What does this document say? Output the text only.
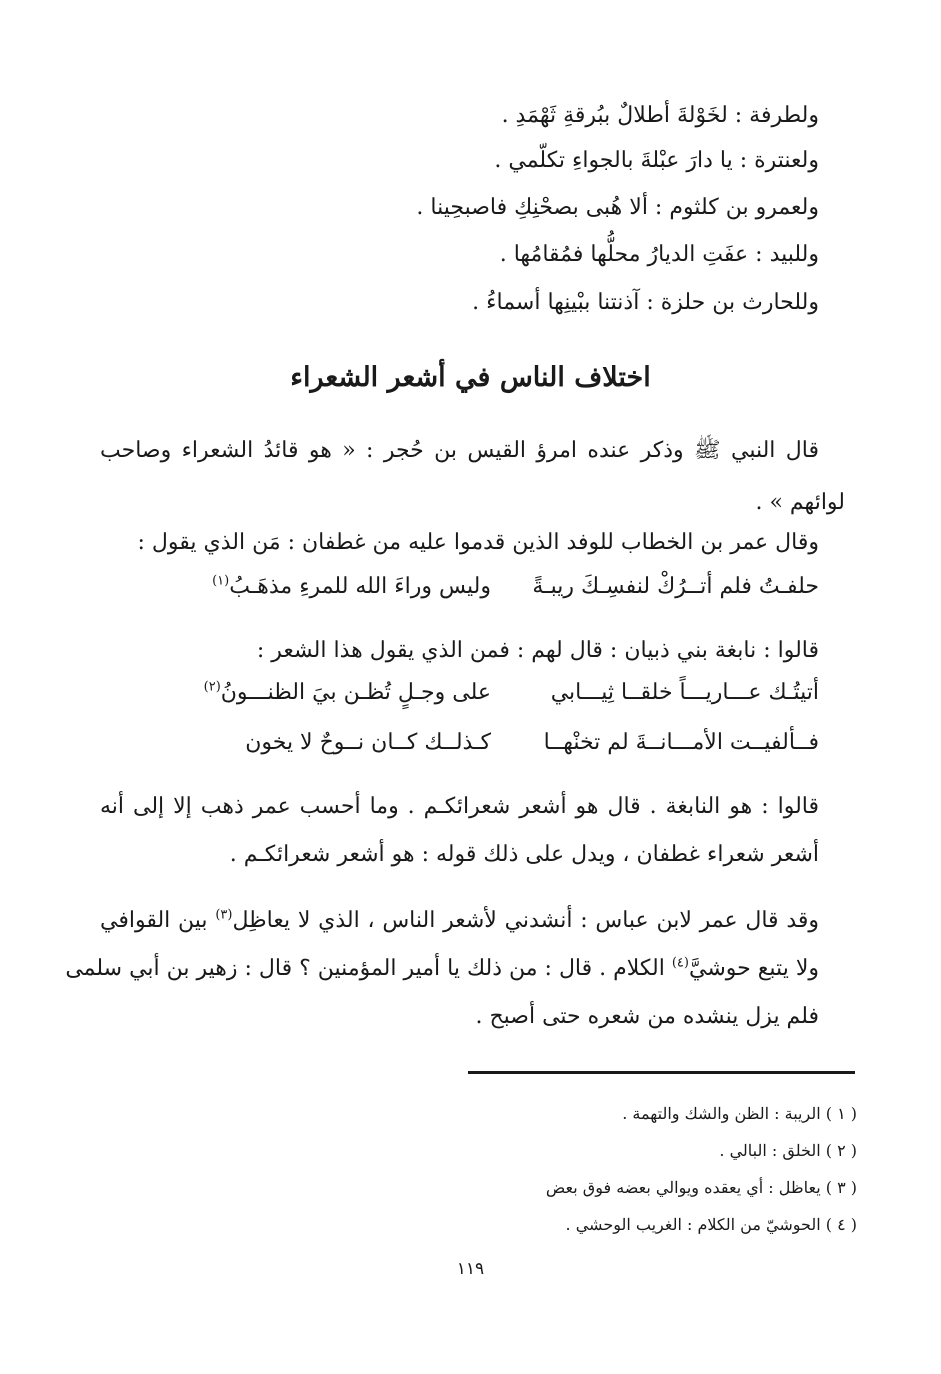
ولطرفة : لخَوْلةَ أطلالٌ ببُرقةِ ثَهْمَدِ .
ولعنترة : يا دارَ عبْلةَ بالجواءِ تكلّمي .
ولعمرو بن كلثوم : ألا هُبى بصحْنِكِ فاصبحِينا .
وللبيد : عفَتِ الديارُ محلُّها فمُقامُها .
وللحارث بن حلزة : آذنتنا ببْينِها أسماءُ .
اختلاف الناس في أشعر الشعراء
قال النبي ﷺ وذكر عنده امرؤ القيس بن حُجر : « هو قائدُ الشعراء وصاحب
لوائهم » .
وقال عمر بن الخطاب للوفد الذين قدموا عليه من غطفان : مَن الذي يقول :
حلفـتُ فلم أتــرُكْ لنفسِـكَ ريبـةً
وليس وراءَ الله للمرءِ مذهَـبُ$^{(١)}$
قالوا : نابغة بني ذبيان : قال لهم : فمن الذي يقول هذا الشعر :
أتيتُـك عـــاريـــاً خلقــا ثِيـــابي
على وجـلٍ تُظـن بيَ الظنـــونُ$^{(٢)}$
فــألفيــت الأمـــانــةَ لم تخنْهــا
كـذلــك كــان نــوحٌ لا يخون
قالوا : هو النابغة . قال هو أشعر شعرائكـم . وما أحسب عمر ذهب إلا إلى أنه
أشعر شعراء غطفان ، ويدل على ذلك قوله : هو أشعر شعرائكـم .
وقد قال عمر لابن عباس : أنشدني لأشعر الناس ، الذي لا يعاظِل$^{(٣)}$ بين القوافي
ولا يتبع حوشيَّ$^{(٤)}$ الكلام . قال : من ذلك يا أمير المؤمنين ؟ قال : زهير بن أبي سلمى
فلم يزل ينشده من شعره حتى أصبح .
( ١ ) الريبة : الظن والشك والتهمة .
( ٢ ) الخلق : البالي .
( ٣ ) يعاظل : أي يعقده ويوالي بعضه فوق بعض
( ٤ ) الحوشيّ من الكلام : الغريب الوحشي .
١١٩
